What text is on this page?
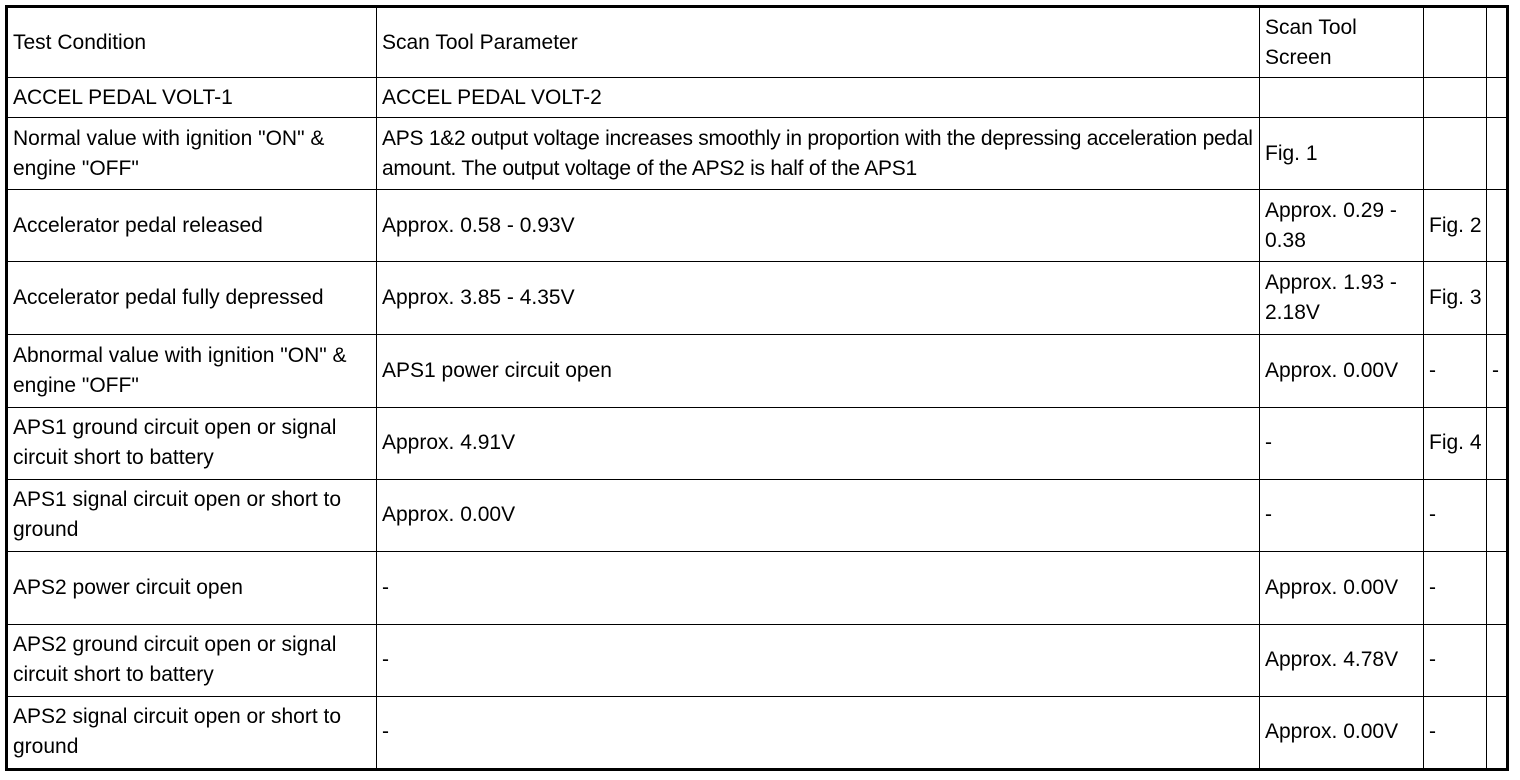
Test Condition	Scan Tool Parameter	Scan Tool Screen		
ACCEL PEDAL VOLT-1	ACCEL PEDAL VOLT-2			
Normal value with ignition "ON" & engine "OFF"	APS 1&2 output voltage increases smoothly in proportion with the depressing acceleration pedal amount. The output voltage of the APS2 is half of the APS1	Fig. 1		
Accelerator pedal released	Approx. 0.58 - 0.93V	Approx. 0.29 - 0.38	Fig. 2	
Accelerator pedal fully depressed	Approx. 3.85 - 4.35V	Approx. 1.93 - 2.18V	Fig. 3	
Abnormal value with ignition "ON" & engine "OFF"	APS1 power circuit open	Approx. 0.00V	-	-
APS1 ground circuit open or signal circuit short to battery	Approx. 4.91V	-	Fig. 4	
APS1 signal circuit open or short to ground	Approx. 0.00V	-	-	
APS2 power circuit open	-	Approx. 0.00V	-	
APS2 ground circuit open or signal circuit short to battery	-	Approx. 4.78V	-	
APS2 signal circuit open or short to ground	-	Approx. 0.00V	-	
